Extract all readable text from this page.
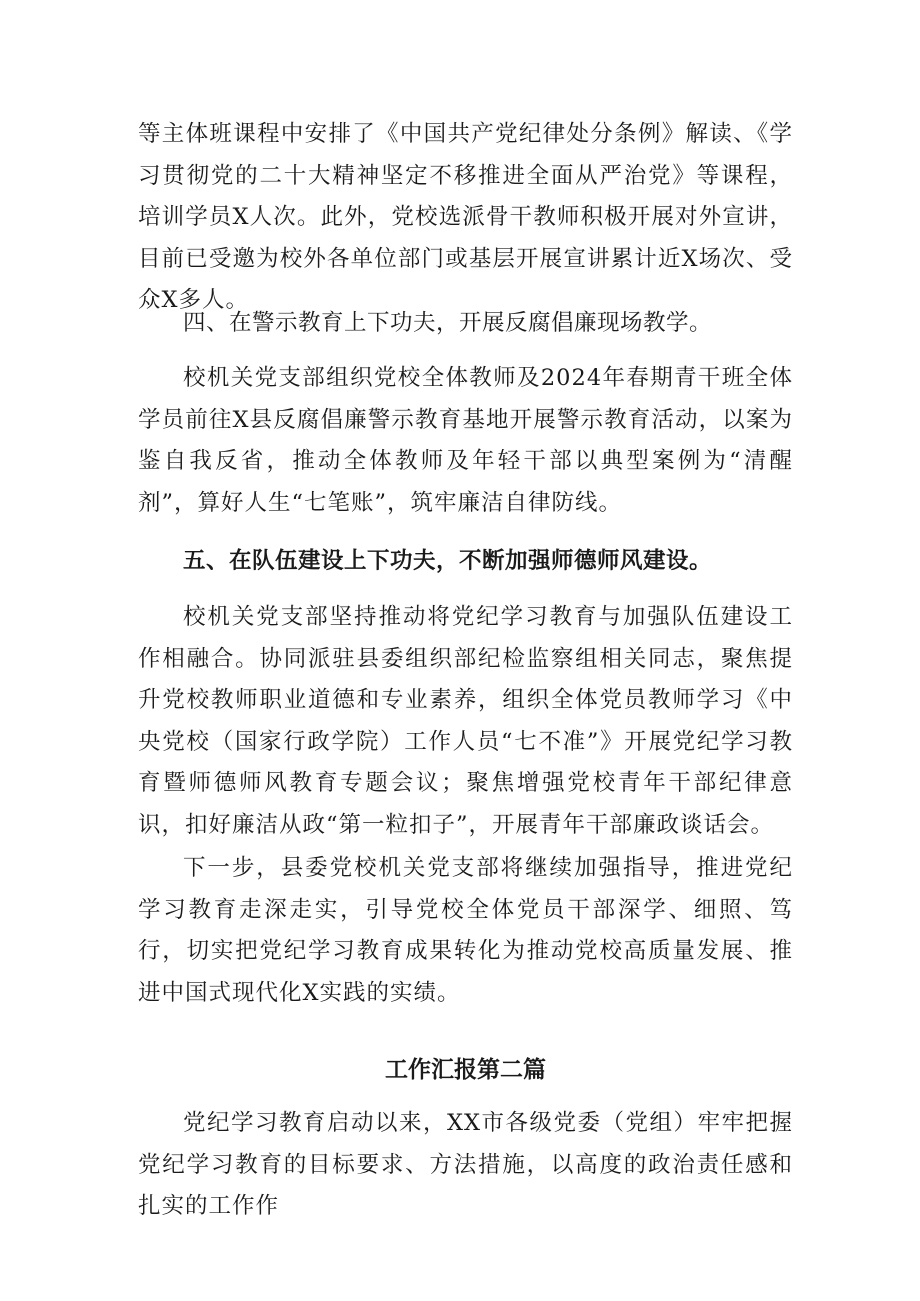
等主体班课程中安排了《中国共产党纪律处分条例》解读、《学习贯彻党的二十大精神坚定不移推进全面从严治党》等课程，培训学员X人次。此外，党校选派骨干教师积极开展对外宣讲，目前已受邀为校外各单位部门或基层开展宣讲累计近X场次、受众X多人。

四、在警示教育上下功夫，开展反腐倡廉现场教学。

校机关党支部组织党校全体教师及2024年春期青干班全体学员前往X县反腐倡廉警示教育基地开展警示教育活动，以案为鉴自我反省，推动全体教师及年轻干部以典型案例为“清醒剂”，算好人生“七笔账”，筑牢廉洁自律防线。

五、在队伍建设上下功夫，不断加强师德师风建设。

校机关党支部坚持推动将党纪学习教育与加强队伍建设工作相融合。协同派驻县委组织部纪检监察组相关同志，聚焦提升党校教师职业道德和专业素养，组织全体党员教师学习《中央党校（国家行政学院）工作人员“七不准”》开展党纪学习教育暨师德师风教育专题会议；聚焦增强党校青年干部纪律意识，扣好廉洁从政“第一粒扣子”，开展青年干部廉政谈话会。

下一步，县委党校机关党支部将继续加强指导，推进党纪学习教育走深走实，引导党校全体党员干部深学、细照、笃行，切实把党纪学习教育成果转化为推动党校高质量发展、推进中国式现代化X实践的实绩。

工作汇报第二篇

党纪学习教育启动以来，XX市各级党委（党组）牢牢把握党纪学习教育的目标要求、方法措施，以高度的政治责任感和扎实的工作作
